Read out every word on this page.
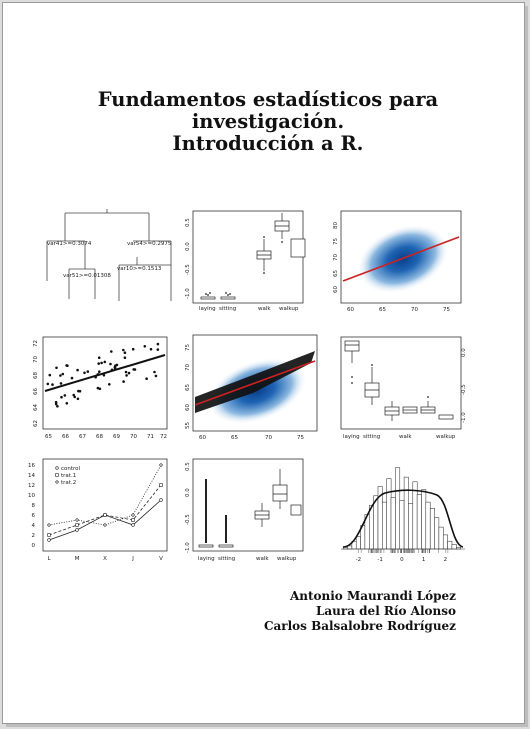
Fundamentos estadísticos para
investigación.
Introducción a R.
var41>=0.3074	var54>=0.2975
var51>=0.01308
var10>=0.1513
-1.0
-0.5
0.0
0.5
laying sitting	walk walkup	60	65	70	75
60
65
70
75
80
65 66 67 68 69 70 71 72
62
64
66
68
70
72
60	65	70	75
55
60
65
70
75
-1.0
-0.5
0.0
laying sitting	walk	walkup
control
trat.1
trat.2
0
2
4
6
8
10
12
14
16
L	M	X	J	V
-1.0
-0.5
0.0
0.5
laying sitting	walk walkup	-2	-1	0	1	2
Antonio Maurandi López
Laura del Río Alonso
Carlos Balsalobre Rodríguez
